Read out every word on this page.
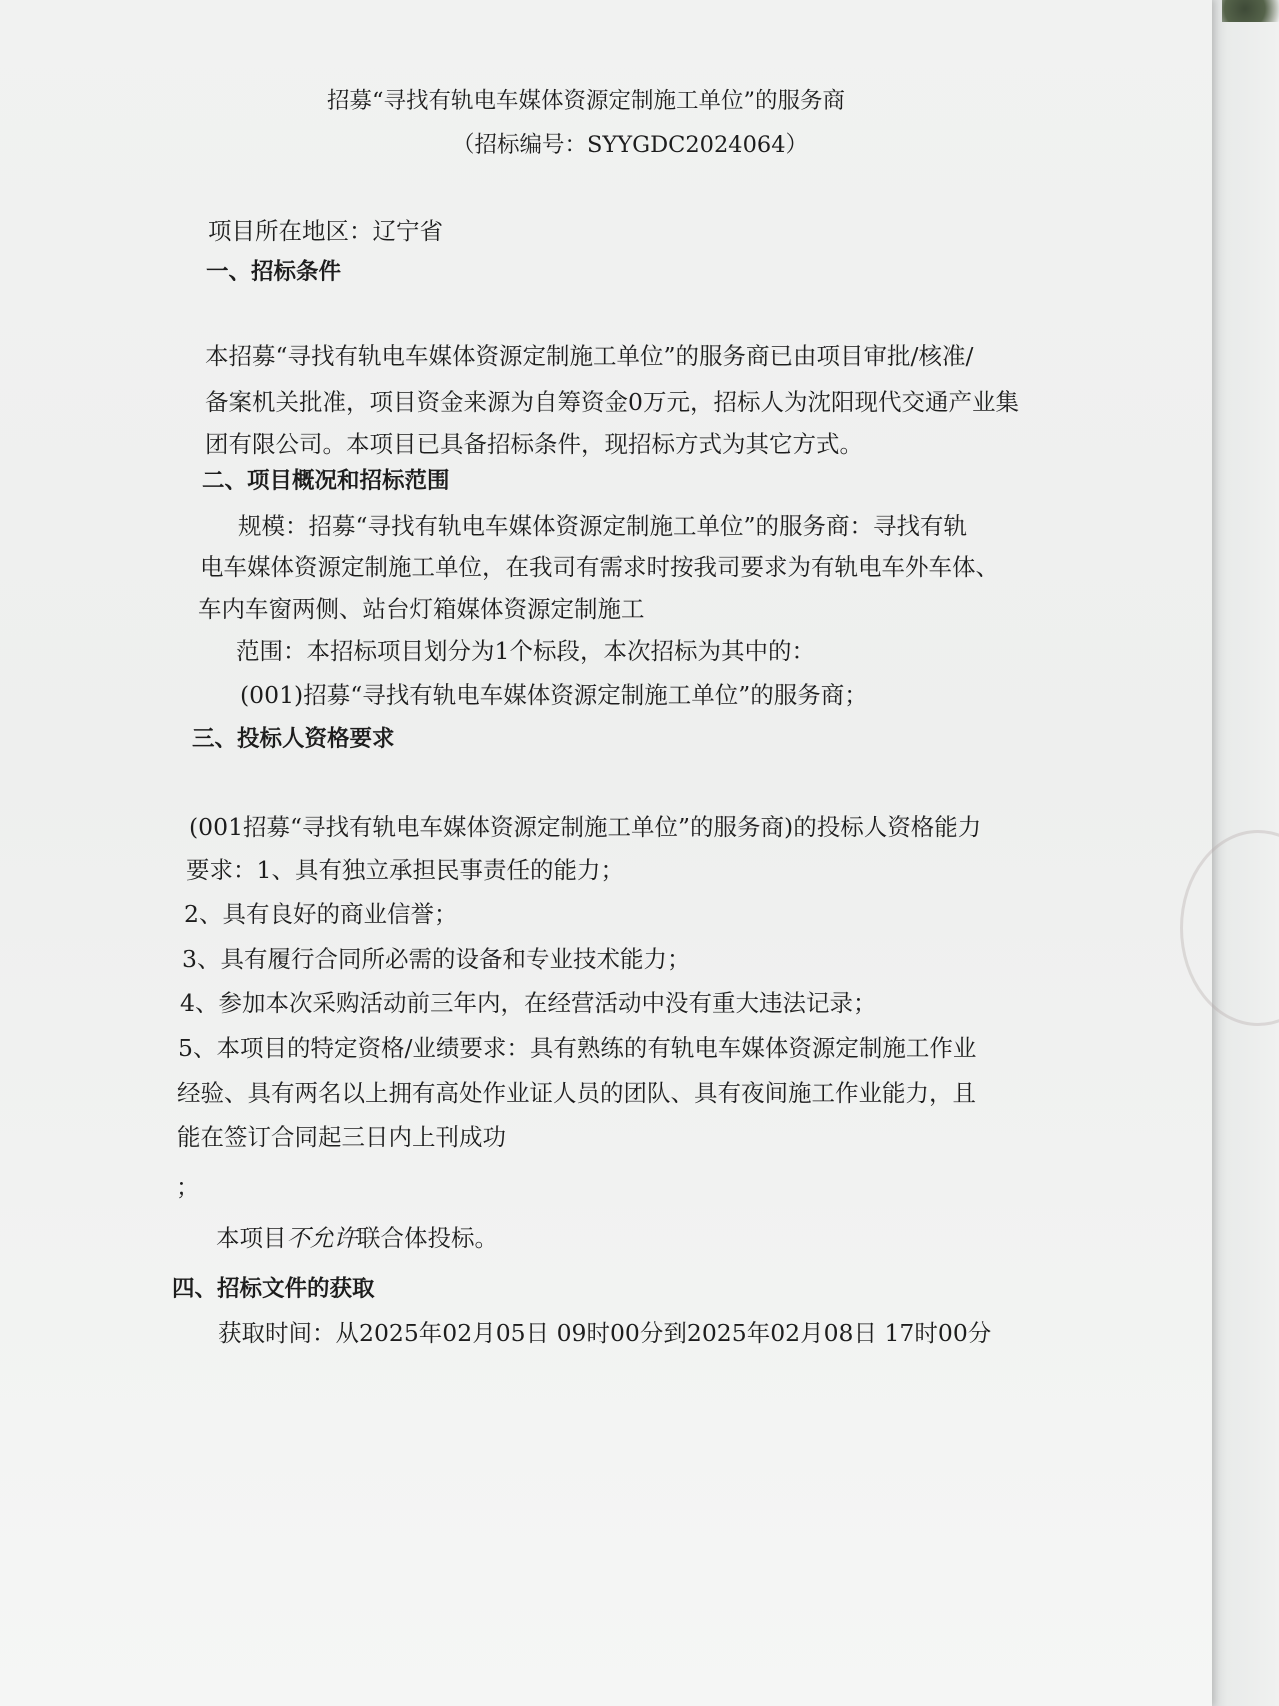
招募“寻找有轨电车媒体资源定制施工单位”的服务商

（招标编号：SYYGDC2024064）

项目所在地区：辽宁省

一、招标条件

本招募“寻找有轨电车媒体资源定制施工单位”的服务商已由项目审批/核准/

备案机关批准，项目资金来源为自筹资金0万元，招标人为沈阳现代交通产业集

团有限公司。本项目已具备招标条件，现招标方式为其它方式。

二、项目概况和招标范围

规模：招募“寻找有轨电车媒体资源定制施工单位”的服务商：寻找有轨

电车媒体资源定制施工单位，在我司有需求时按我司要求为有轨电车外车体、

车内车窗两侧、站台灯箱媒体资源定制施工

范围：本招标项目划分为1个标段，本次招标为其中的：

(001)招募“寻找有轨电车媒体资源定制施工单位”的服务商；

三、投标人资格要求

(001招募“寻找有轨电车媒体资源定制施工单位”的服务商)的投标人资格能力

要求：1、具有独立承担民事责任的能力；

2、具有良好的商业信誉；

3、具有履行合同所必需的设备和专业技术能力；

4、参加本次采购活动前三年内，在经营活动中没有重大违法记录；

5、本项目的特定资格/业绩要求：具有熟练的有轨电车媒体资源定制施工作业

经验、具有两名以上拥有高处作业证人员的团队、具有夜间施工作业能力，且

能在签订合同起三日内上刊成功

；

本项目不允许联合体投标。

四、招标文件的获取

获取时间：从2025年02月05日 09时00分到2025年02月08日 17时00分
